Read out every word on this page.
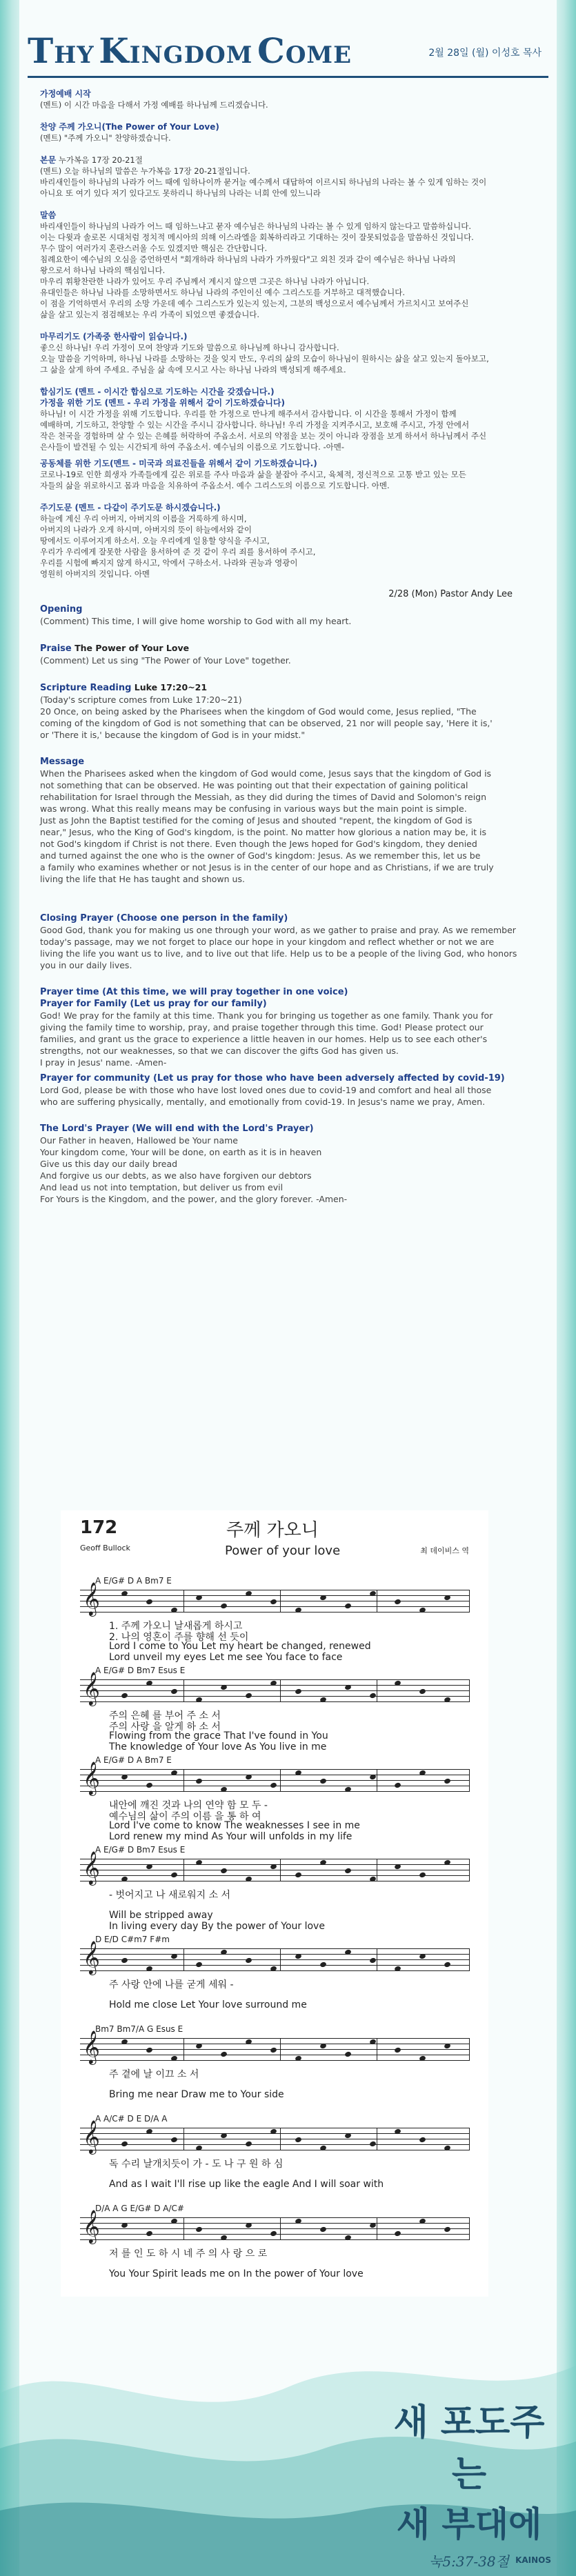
THY KINGDOM COME	2월 28일 (월) 이성호 목사

가정예배 시작

(멘트) 이 시간 마음을 다해서 가정 예배를 하나님께 드리겠습니다.

찬양 주께 가오니(The Power of Your Love)

(멘트) "주께 가오니" 찬양하겠습니다.

본문 누가복음 17장 20-21절

(멘트) 오늘 하나님의 말씀은 누가복음 17장 20-21절입니다.

바리새인들이 하나님의 나라가 어느 때에 임하나이까 묻거늘 예수께서 대답하여 이르시되 하나님의 나라는 볼 수 있게 임하는 것이

아니요 또 여기 있다 저기 있다고도 못하리니 하나님의 나라는 너희 안에 있느니라

말씀

바리새인들이 하나님의 나라가 어느 때 임하느냐고 묻자 예수님은 하나님의 나라는 볼 수 있게 임하지 않는다고 말씀하십니다.

이는 다윗과 솔로몬 시대처럼 정치적 메시아의 의해 이스라엘을 회복하리라고 기대하는 것이 잘못되었음을 말씀하신 것입니다.

무수 많이 여러가지 혼란스러울 수도 있겠지만 핵심은 간단합니다.

침례요한이 예수님의 오심을 증언하면서 "회개하라 하나님의 나라가 가까웠다"고 외친 것과 같이 예수님은 하나님 나라의

왕으로서 하나님 나라의 핵심입니다.

마우리 휘황찬란한 나라가 있어도 우리 주님께서 계시지 않으면 그곳은 하나님 나라가 아닙니다.

유대인들은 하나님 나라를 소망하면서도 하나님 나라의 주인이신 예수 그리스도를 거부하고 대적했습니다.

이 점을 기억하면서 우리의 소망 가운데 예수 그리스도가 있는지 있는지, 그분의 백성으로서 예수님께서 가르치시고 보여주신

삶을 살고 있는지 점검해보는 우리 가족이 되었으면 좋겠습니다.

마무리기도 (가족중 한사람이 읽습니다.)

좋으신 하나님! 우리 가정이 모여 찬양과 기도와 말씀으로 하나님께 하나니 감사합니다.

오늘 말씀을 기억하며, 하나님 나라를 소망하는 것을 잊지 만도, 우리의 삶의 모습이 하나님이 원하시는 삶을 살고 있는지 돌아보고,

그 삶을 살게 하여 주세요. 주님을 삶 속에 모시고 사는 하나님 나라의 백성되게 해주세요.

합심기도 (멘트 - 이시간 합심으로 기도하는 시간을 갖겠습니다.)

가정을 위한 기도 (멘트 - 우리 가정을 위해서 같이 기도하겠습니다)

하나님! 이 시간 가정을 위해 기도합니다. 우리를 한 가정으로 만나게 해주셔서 감사합니다. 이 시간을 통해서 가정이 함께

예배하며, 기도하고, 찬양할 수 있는 시간을 주시니 감사합니다. 하나님! 우리 가정을 지켜주시고, 보호해 주시고, 가정 안에서

작은 천국을 경험하며 살 수 있는 은혜를 허락하여 주옵소서. 서로의 약점을 보는 것이 아니라 장점을 보게 하셔서 하나님께서 주신

은사들이 발견될 수 있는 시간되게 하여 주옵소서. 예수님의 이름으로 기도합니다. -아멘-

공동체를 위한 기도(멘트 - 미국과 의료진들을 위해서 같이 기도하겠습니다.)

코로나-19로 인한 희생자 가족들에게 깊은 위로를 주사 마음과 삶을 붙잡아 주시고, 육체적, 정신적으로 고통 받고 있는 모든

자들의 삶을 위로하시고 몸과 마음을 치유하여 주옵소서. 예수 그리스도의 이름으로 기도합니다. 아멘.

주기도문 (멘트 - 다같이 주기도문 하시겠습니다.)

하늘에 계신 우리 아버지, 아버지의 이름을 거룩하게 하시며,

아버지의 나라가 오게 하시며, 아버지의 뜻이 하늘에서와 같이

땅에서도 이루어지게 하소서. 오늘 우리에게 일용할 양식을 주시고,

우리가 우리에게 잘못한 사람을 용서하여 준 것 같이 우리 죄를 용서하여 주시고,

우리를 시험에 빠지지 않게 하시고, 악에서 구하소서. 나라와 권능과 영광이

영원히 아버지의 것입니다. 아멘

2/28 (Mon) Pastor Andy Lee

Opening

(Comment) This time, I will give home worship to God with all my heart.

Praise The Power of Your Love

(Comment) Let us sing "The Power of Your Love" together.

Scripture Reading Luke 17:20~21

(Today's scripture comes from Luke 17:20~21)

20 Once, on being asked by the Pharisees when the kingdom of God would come, Jesus replied, "The

coming of the kingdom of God is not something that can be observed, 21 nor will people say, 'Here it is,'

or 'There it is,' because the kingdom of God is in your midst."

Message

When the Pharisees asked when the kingdom of God would come, Jesus says that the kingdom of God is

not something that can be observed. He was pointing out that their expectation of gaining political

rehabilitation for Israel through the Messiah, as they did during the times of David and Solomon's reign

was wrong. What this really means may be confusing in various ways but the main point is simple.

Just as John the Baptist testified for the coming of Jesus and shouted "repent, the kingdom of God is

near," Jesus, who the King of God's kingdom, is the point. No matter how glorious a nation may be, it is

not God's kingdom if Christ is not there. Even though the Jews hoped for God's kingdom, they denied

and turned against the one who is the owner of God's kingdom: Jesus. As we remember this, let us be

a family who examines whether or not Jesus is in the center of our hope and as Christians, if we are truly

living the life that He has taught and shown us.

Closing Prayer (Choose one person in the family)

Good God, thank you for making us one through your word, as we gather to praise and pray. As we remember

today's passage, may we not forget to place our hope in your kingdom and reflect whether or not we are

living the life you want us to live, and to live out that life. Help us to be a people of the living God, who honors

you in our daily lives.

Prayer time (At this time, we will pray together in one voice)

Prayer for Family (Let us pray for our family)

God! We pray for the family at this time. Thank you for bringing us together as one family. Thank you for

giving the family time to worship, pray, and praise together through this time. God! Please protect our

families, and grant us the grace to experience a little heaven in our homes. Help us to see each other's

strengths, not our weaknesses, so that we can discover the gifts God has given us.

I pray in Jesus' name. -Amen-

Prayer for community (Let us pray for those who have been adversely affected by covid-19)

Lord God, please be with those who have lost loved ones due to covid-19 and comfort and heal all those

who are suffering physically, mentally, and emotionally from covid-19. In Jesus's name we pray, Amen.

The Lord's Prayer (We will end with the Lord's Prayer)

Our Father in heaven, Hallowed be Your name

Your kingdom come, Your will be done, on earth as it is in heaven

Give us this day our daily bread

And forgive us our debts, as we also have forgiven our debtors

And lead us not into temptation, but deliver us from evil

For Yours is the Kingdom, and the power, and the glory forever. -Amen-

172
Geoff Bullock
주께 가오니
Power of your love	최 데이비스 역
A E/G# D A Bm7 E
𝄞
1. 주께 가오니 날새롭게 하시고
2. 나의 영혼이 주를 향해 선 듯이
Lord I come to You Let my heart be changed, renewed
Lord unveil my eyes Let me see You face to face
A E/G# D Bm7 Esus E
𝄞
주의 은혜 를 부어 주 소 서
주의 사랑 을 알게 하 소 서
Flowing from the grace That I've found in You
The knowledge of Your love As You live in me
A E/G# D A Bm7 E
𝄞
내안에 깨진 것과 나의 연약 함 모 두 -
예수님의 삶이 주의 이름 을 통 하 여
Lord I've come to know The weaknesses I see in me
Lord renew my mind As Your will unfolds in my life
A E/G# D Bm7 Esus E
𝄞
- 벗어지고 나 새로워지 소 서
Will be stripped away
In living every day By the power of Your love
D E/D C#m7 F#m
𝄞
주 사랑 안에 나를 굳게 세워 -
Hold me close Let Your love surround me
Bm7 Bm7/A G Esus E
𝄞
주 곁에 날 이끄 소 서
Bring me near Draw me to Your side
A A/C# D E D/A A
𝄞
독 수리 날개치듯이 가 - 도 나 구 원 하 심
And as I wait I'll rise up like the eagle And I will soar with
D/A A G E/G# D A/C#
𝄞
저 를 인 도 하 시 네 주 의 사 랑 으 로
You Your Spirit leads me on In the power of Your love
새 포도주는
새 부대에
눅5:37-38절 KAINOS
